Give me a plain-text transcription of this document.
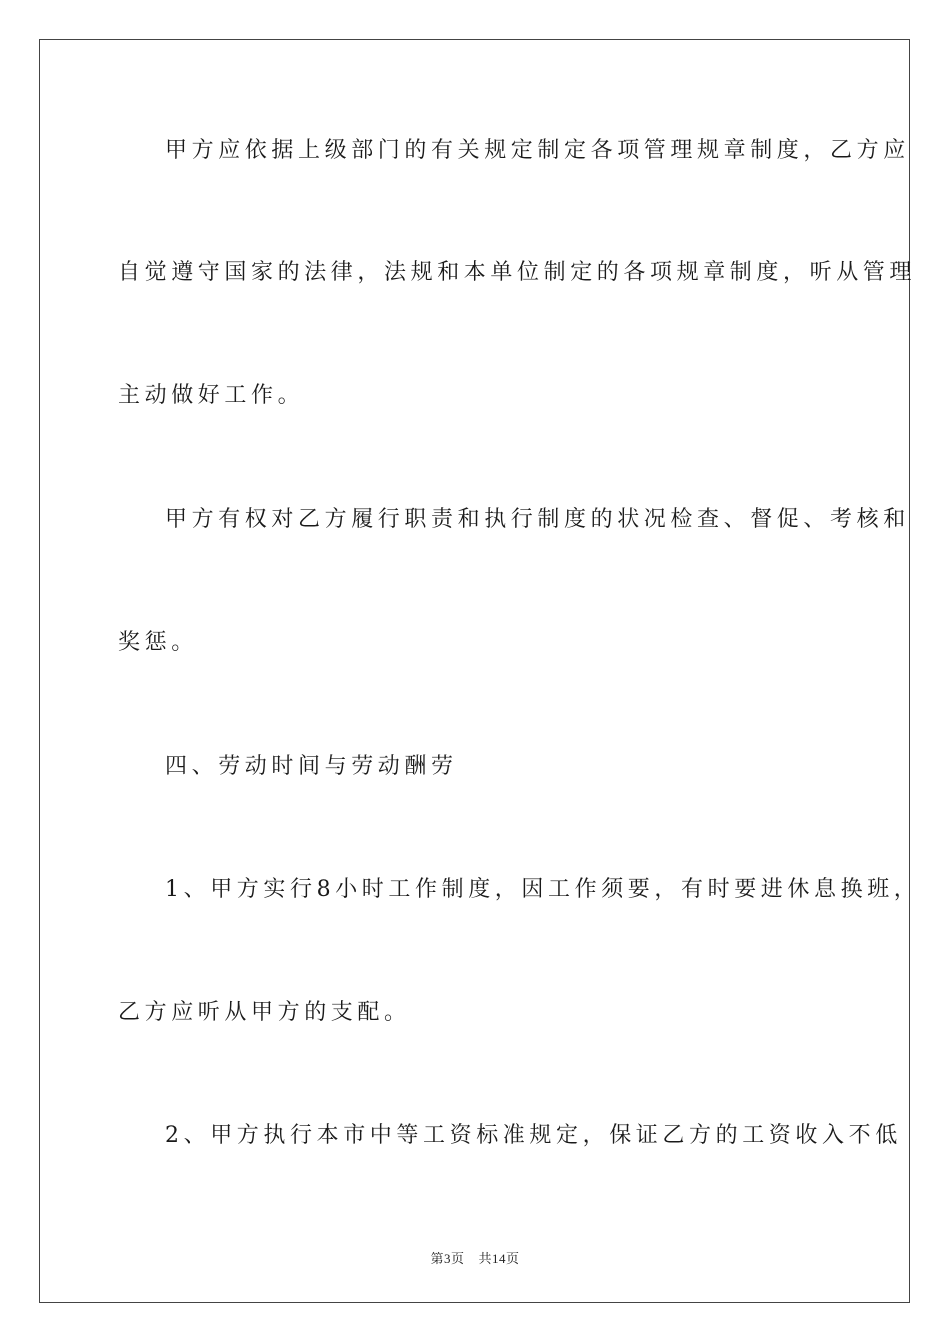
甲方应依据上级部门的有关规定制定各项管理规章制度，乙方应
自觉遵守国家的法律，法规和本单位制定的各项规章制度，听从管理
主动做好工作。
甲方有权对乙方履行职责和执行制度的状况检查、督促、考核和
奖惩。
四、劳动时间与劳动酬劳
1、甲方实行8小时工作制度，因工作须要，有时要进休息换班，
乙方应听从甲方的支配。
2、甲方执行本市中等工资标准规定，保证乙方的工资收入不低
第3页 共14页
